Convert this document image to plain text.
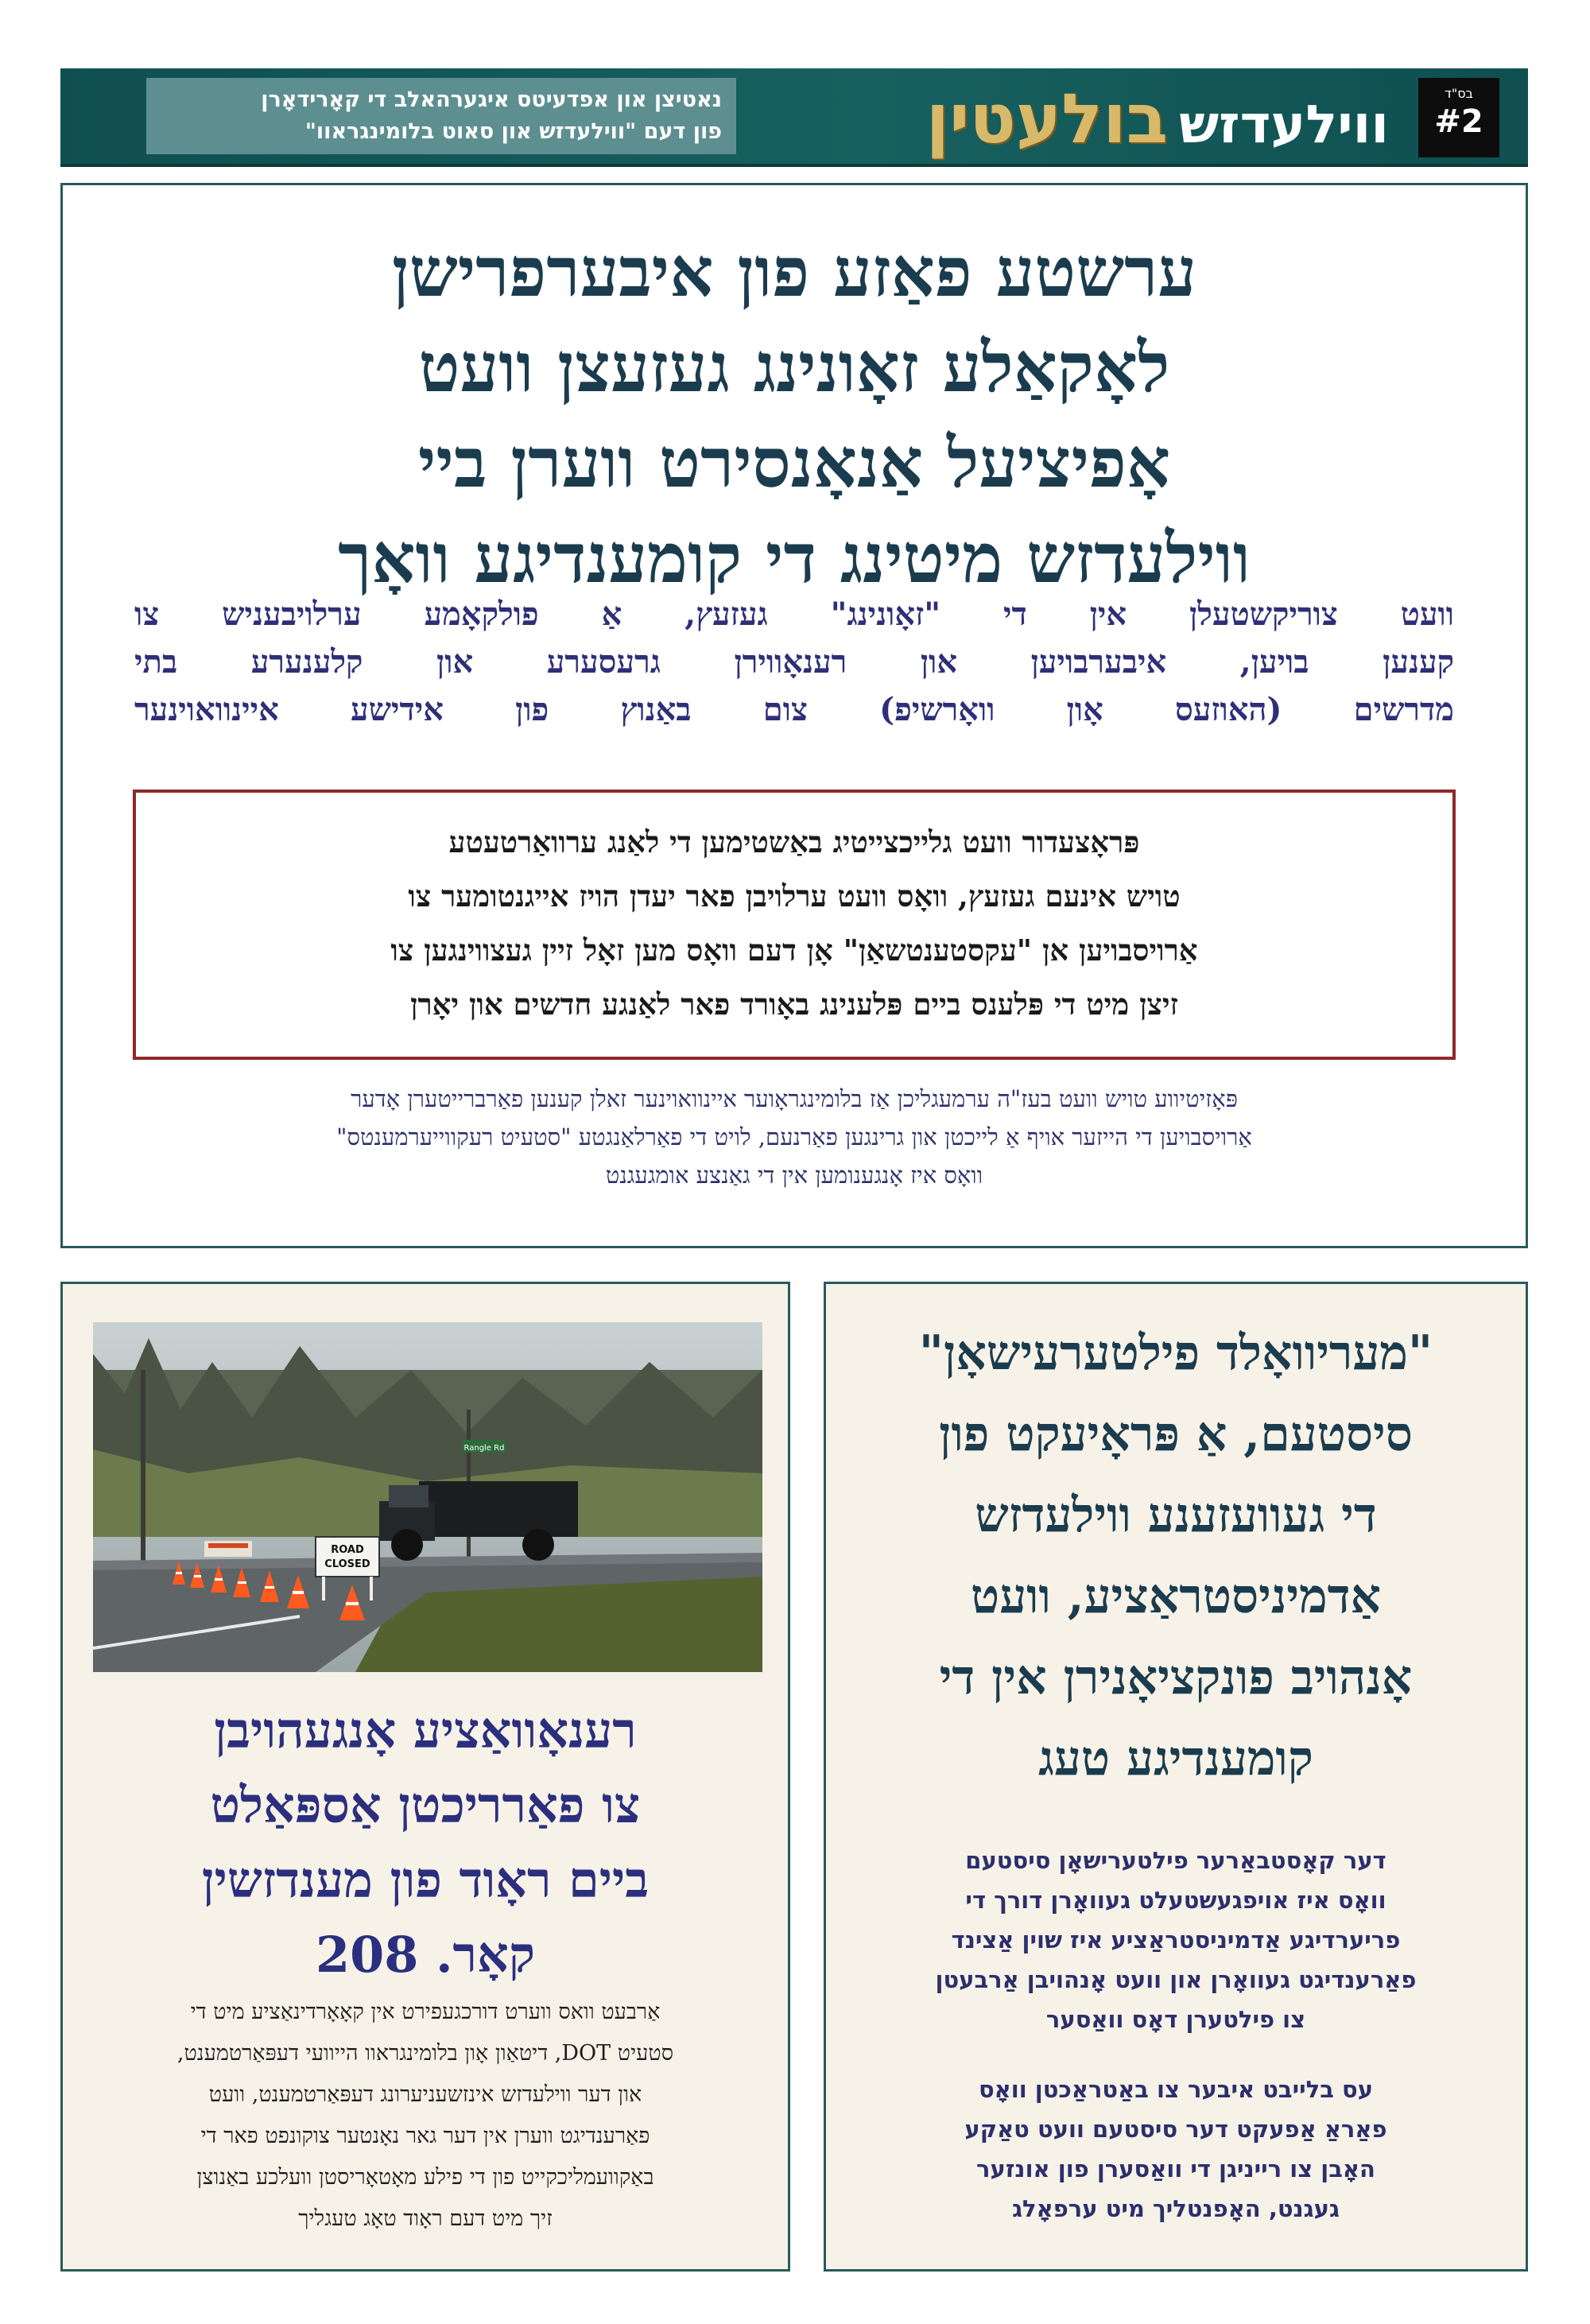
בס"ד
#2
ווילעדזשבולעטין
נאטיצן און אפדעיטס איגערהאלב די קאָרידאָרן
פון דעם "ווילעדזש און סאוט בלומינגראוו"
ערשטע פאַזע פון איבערפרישן
לאָקאַלע זאָונינג געזעצן וועט
אָפיציעל אַנאָנסירט ווערן ביי
ווילעדזש מיטינג די קומענדיגע וואָך
וועט צוריקשטעלן אין די "זאָונינג" געזעץ, אַ פולקאָמע ערלויבעניש צו
קענען בויען, איבערבויען און רענאָווירן גרעסערע און קלענערע בתי
מדרשים (האוזעס אָון וואָרשיפ) צום באַנוץ פון אידישע איינוואוינער
פּראָצעדור וועט גלייכצייטיג באַשטימען די לאַנג ערוואַרטעטע
טויש אינעם געזעץ, וואָס וועט ערלויבן פאר יעדן הויז אייגנטומער צו
אַרויסבויען אן "עקסטענטשאַן" אָן דעם וואָס מען זאָל זיין געצווינגען צו
זיצן מיט די פּלענס ביים פּלענינג באָורד פאר לאַנגע חדשים און יאָרן
פּאָזיטיווע טויש וועט בעז"ה ערמעגליכן אַז בלומינגראָוער איינוואוינער זאלן קענען פאַרברייטערן אָדער
אַרויסבויען די הייזער אויף אַ לייכטן און גרינגען פאַרנעם, לויט די פאַרלאַנגטע "סטעיט רעקווייערמענטס"
וואָס איז אָנגענומען אין די גאַנצע אומגעגנט
ROAD
CLOSED
Rangle Rd
רענאָוואַציע אָנגעהויבן
צו פאַרריכטן אַספּאַלט
ביים ראָוד פון מענדזשין
קאָר. 208
אַרבעט וואס ווערט דורכגעפירט אין קאָאָרדינאַציע מיט די
סטעיט DOT, דיטאַון אָון בלומינגראוו הייוועי דעפּאַרטמענט,
און דער ווילעדזש אינזשעניערונג דעפּאַרטמענט, וועט
פאַרענדיגט ווערן אין דער גאר נאָנטער צוקונפט פאר די
באַקוועמליכקייט פון די פילע מאָטאָריסטן וועלכע באַנוצן
זיך מיט דעם ראָוד טאָג טעגליך
"מעריוואָלד פילטערעישאָן"
סיסטעם, אַ פּראָיעקט פון
די געוועזענע ווילעדזש
אַדמיניסטראַציע, וועט
אָנהויב פונקציאָנירן אין די
קומענדיגע טעג

דער קאָסטבאַרער פילטערישאָן סיסטעם
וואָס איז אויפגעשטעלט געוואָרן דורך די
פריערדיגע אַדמיניסטראַציע איז שוין אַצינד
פאַרענדיגט געוואָרן און וועט אָנהויבן אַרבעטן
צו פילטערן דאָס וואַסער

עס בלייבט איבער צו באַטראַכטן וואָס
פאַראַ אַפעקט דער סיסטעם וועט טאַקע
האָבן צו רייניגן די וואַסערן פון אונזער
געגנט, האָפנטליך מיט ערפאָלג
